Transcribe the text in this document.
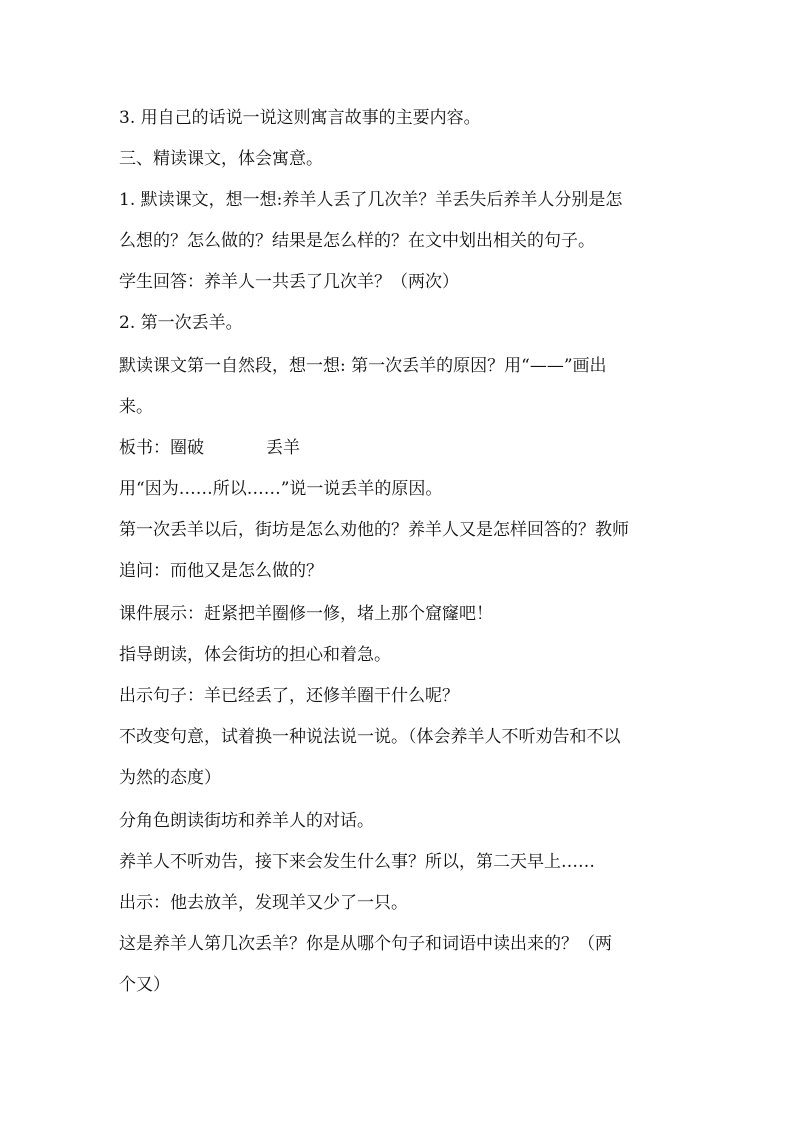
3. 用自己的话说一说这则寓言故事的主要内容。
三、精读课文，体会寓意。
1. 默读课文，想一想:养羊人丢了几次羊？羊丢失后养羊人分别是怎
么想的？怎么做的？结果是怎么样的？在文中划出相关的句子。
学生回答：养羊人一共丢了几次羊？（两次）
2. 第一次丢羊。
默读课文第一自然段，想一想: 第一次丢羊的原因？用“——”画出
来。
板书：圈破	丢羊
用“因为……所以……”说一说丢羊的原因。
第一次丢羊以后，街坊是怎么劝他的？养羊人又是怎样回答的？教师
追问：而他又是怎么做的？
课件展示：赶紧把羊圈修一修，堵上那个窟窿吧！
指导朗读，体会街坊的担心和着急。
出示句子：羊已经丢了，还修羊圈干什么呢？
不改变句意，试着换一种说法说一说。（体会养羊人不听劝告和不以
为然的态度）
分角色朗读街坊和养羊人的对话。
养羊人不听劝告，接下来会发生什么事？所以，第二天早上……
出示：他去放羊，发现羊又少了一只。
这是养羊人第几次丢羊？你是从哪个句子和词语中读出来的？（两
个又）
